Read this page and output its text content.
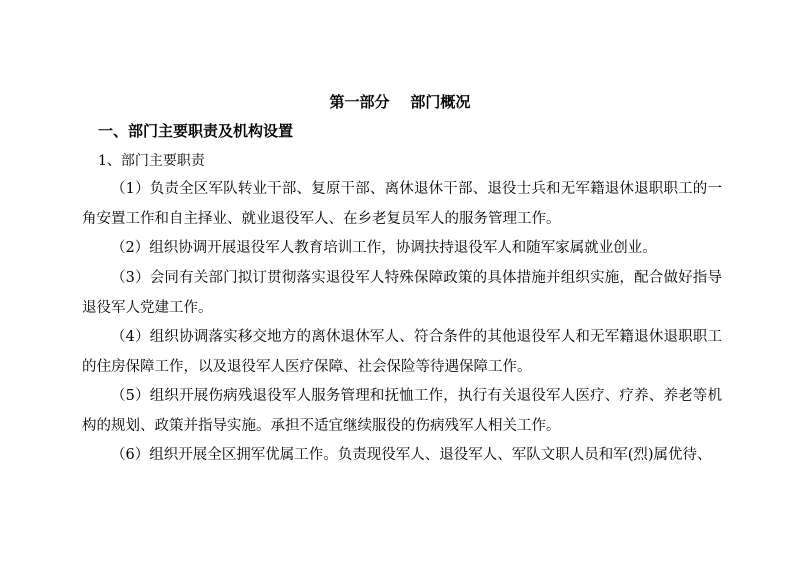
第一部分    部门概况
一、部门主要职责及机构设置
1、部门主要职责

（1）负责全区军队转业干部、复原干部、离休退休干部、退役士兵和无军籍退休退职职工的一角安置工作和自主择业、就业退役军人、在乡老复员军人的服务管理工作。

（2）组织协调开展退役军人教育培训工作，协调扶持退役军人和随军家属就业创业。

（3）会同有关部门拟订贯彻落实退役军人特殊保障政策的具体措施并组织实施，配合做好指导退役军人党建工作。

（4）组织协调落实移交地方的离休退休军人、符合条件的其他退役军人和无军籍退休退职职工的住房保障工作，以及退役军人医疗保障、社会保险等待遇保障工作。

（5）组织开展伤病残退役军人服务管理和抚恤工作，执行有关退役军人医疗、疗养、养老等机构的规划、政策并指导实施。承担不适宜继续服役的伤病残军人相关工作。

（6）组织开展全区拥军优属工作。负责现役军人、退役军人、军队文职人员和军(烈)属优待、
